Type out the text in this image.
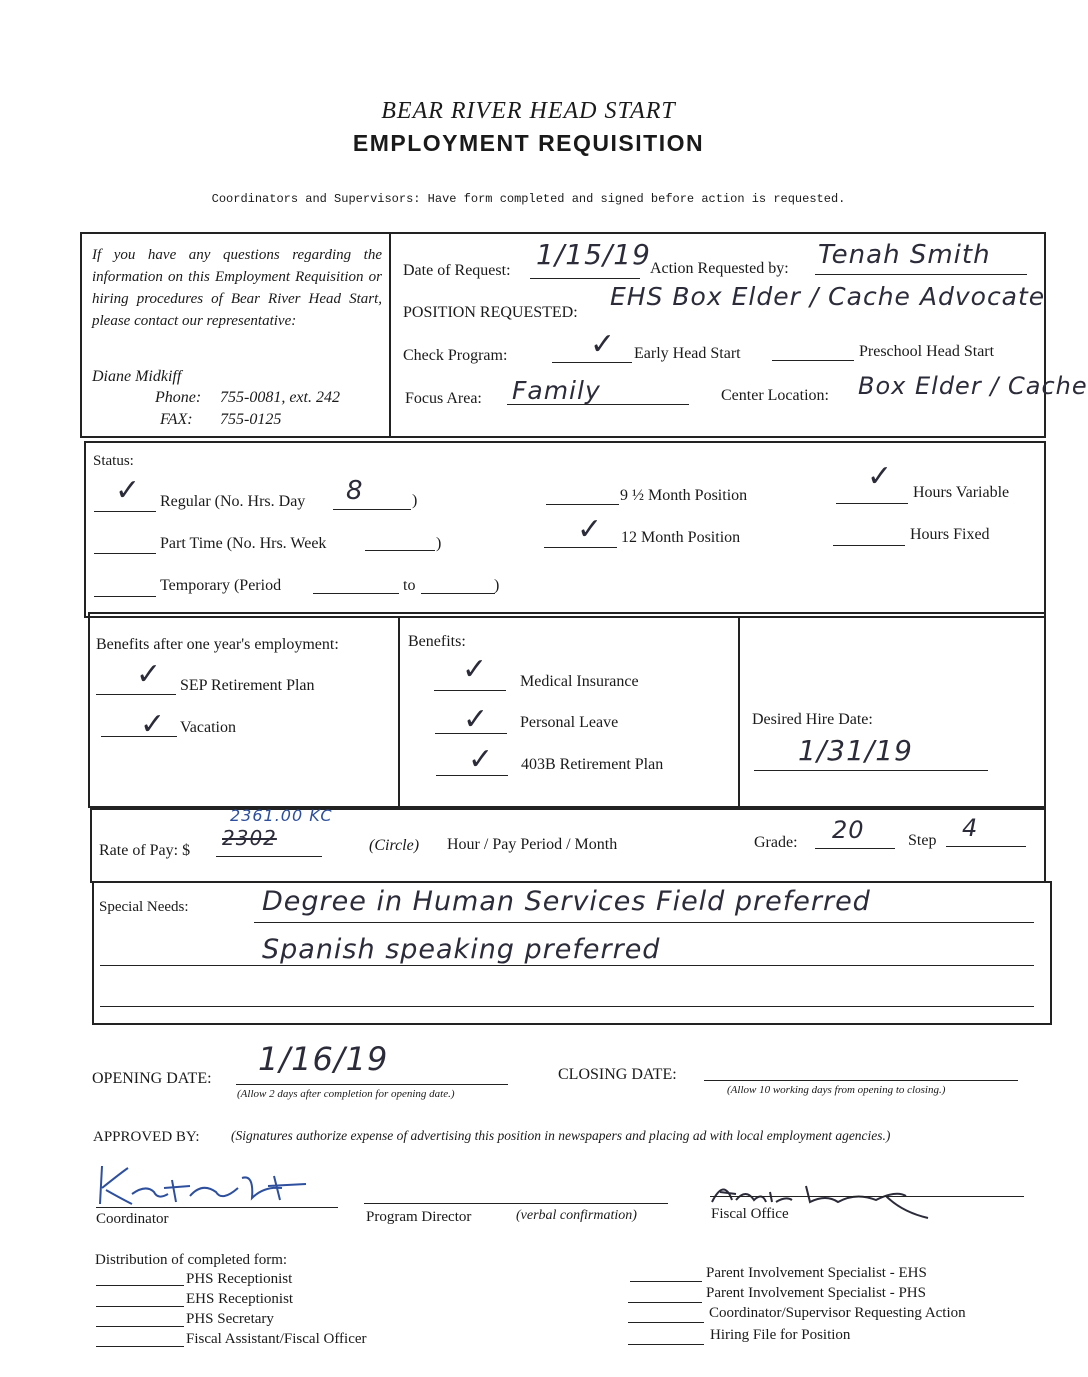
BEAR RIVER HEAD START
EMPLOYMENT REQUISITION
Coordinators and Supervisors: Have form completed and signed before action is requested.
If you have any questions regarding the information on this Employment Requisition or hiring procedures of Bear River Head Start, please contact our representative:
Diane Midkiff
Phone: 755-0081, ext. 242
FAX: 755-0125
Date of Request: 1/15/19 Action Requested by: Tenah Smith
POSITION REQUESTED:
EHS Box Elder / Cache Advocate
Check Program:	✓ Early Head Start	Preschool Head Start
Focus Area: Family	Center Location: Box Elder / Cache
Status:
✓ Regular (No. Hrs. Day 8	)
Part Time (No. Hrs. Week	)
Temporary (Period	to	)
9 ½ Month Position
✓ 12 Month Position
✓ Hours Variable
Hours Fixed
Benefits after one year's employment:
✓ SEP Retirement Plan
✓ Vacation
Benefits:
✓ Medical Insurance
✓ Personal Leave
✓ 403B Retirement Plan
Desired Hire Date:
1/31/19
Rate of Pay: $
2302
2361.00 KC
(Circle) Hour / Pay Period / Month	Grade: 20	Step 4
Special Needs:	Degree in Human Services Field preferred
Spanish speaking preferred
OPENING DATE:
1/16/19
(Allow 2 days after completion for opening date.)
CLOSING DATE:
(Allow 10 working days from opening to closing.)
APPROVED BY: (Signatures authorize expense of advertising this position in newspapers and placing ad with local employment agencies.)
Coordinator	Program Director	(verbal confirmation)	Fiscal Office
Distribution of completed form:
PHS Receptionist
EHS Receptionist
PHS Secretary
Fiscal Assistant/Fiscal Officer
Parent Involvement Specialist - EHS
Parent Involvement Specialist - PHS
Coordinator/Supervisor Requesting Action
Hiring File for Position
